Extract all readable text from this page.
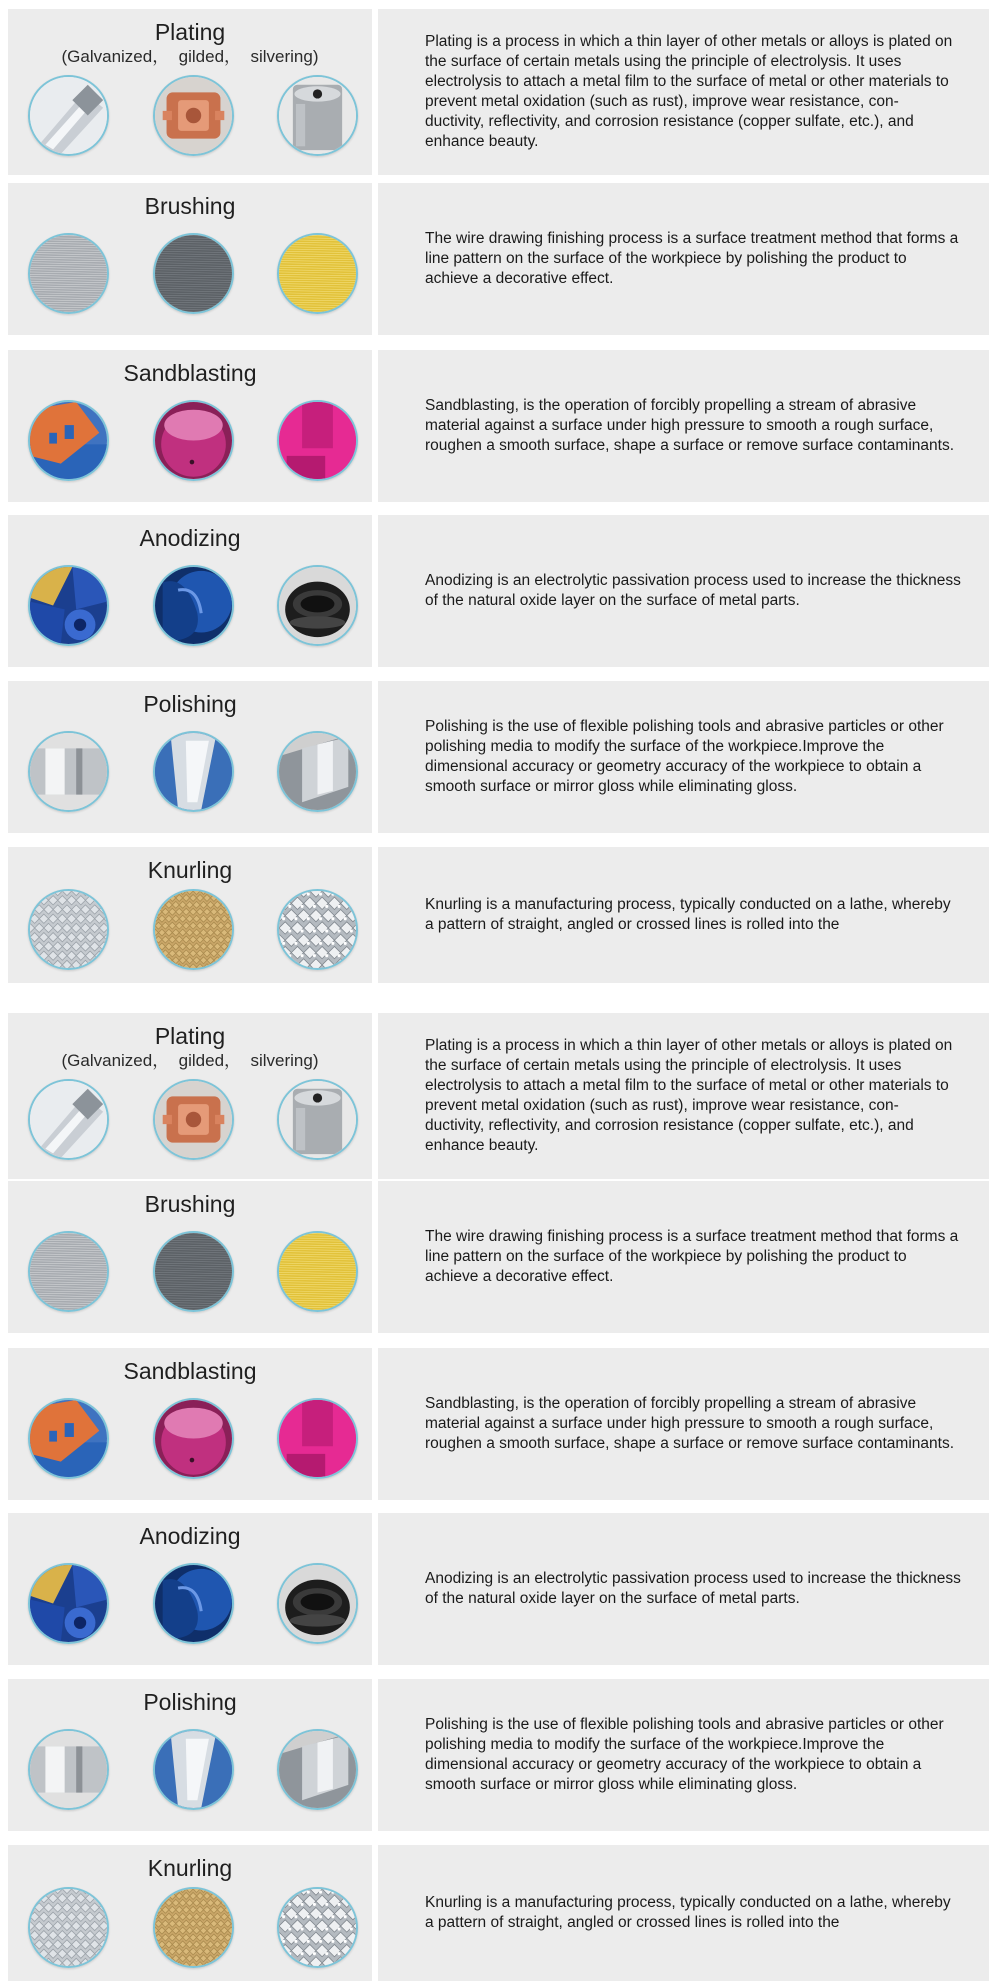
Plating
(Galvanized，  gilded，  silvering)
Plating is a process in which a thin layer of other metals or alloys is plated on the surface of certain metals using the principle of electrolysis. It uses electrolysis to attach a metal film to the surface of metal or other materials to prevent metal oxidation (such as rust), improve wear resistance, con- ductivity, reflectivity, and corrosion resistance (copper sulfate, etc.), and enhance beauty.
Brushing
The wire drawing finishing process is a surface treatment method that forms a line pattern on the surface of the workpiece by polishing the product to achieve a decorative effect.
Sandblasting
Sandblasting, is the operation of forcibly propelling a stream of abrasive material against a surface under high pressure to smooth a rough surface, roughen a smooth surface, shape a surface or remove surface contaminants.
Anodizing
Anodizing is an electrolytic passivation process used to increase the thickness of the natural oxide layer on the surface of metal parts.
Polishing
Polishing is the use of flexible polishing tools and abrasive particles or other polishing media to modify the surface of the workpiece.Improve the dimensional accuracy or geometry accuracy of the workpiece to obtain a smooth surface or mirror gloss while eliminating gloss.
Knurling
Knurling is a manufacturing process, typically conducted on a lathe, whereby a pattern of straight, angled or crossed lines is rolled into the
Plating
(Galvanized，  gilded，  silvering)
Plating is a process in which a thin layer of other metals or alloys is plated on the surface of certain metals using the principle of electrolysis. It uses electrolysis to attach a metal film to the surface of metal or other materials to prevent metal oxidation (such as rust), improve wear resistance, con- ductivity, reflectivity, and corrosion resistance (copper sulfate, etc.), and enhance beauty.
Brushing
The wire drawing finishing process is a surface treatment method that forms a line pattern on the surface of the workpiece by polishing the product to achieve a decorative effect.
Sandblasting
Sandblasting, is the operation of forcibly propelling a stream of abrasive material against a surface under high pressure to smooth a rough surface, roughen a smooth surface, shape a surface or remove surface contaminants.
Anodizing
Anodizing is an electrolytic passivation process used to increase the thickness of the natural oxide layer on the surface of metal parts.
Polishing
Polishing is the use of flexible polishing tools and abrasive particles or other polishing media to modify the surface of the workpiece.Improve the dimensional accuracy or geometry accuracy of the workpiece to obtain a smooth surface or mirror gloss while eliminating gloss.
Knurling
Knurling is a manufacturing process, typically conducted on a lathe, whereby a pattern of straight, angled or crossed lines is rolled into the
